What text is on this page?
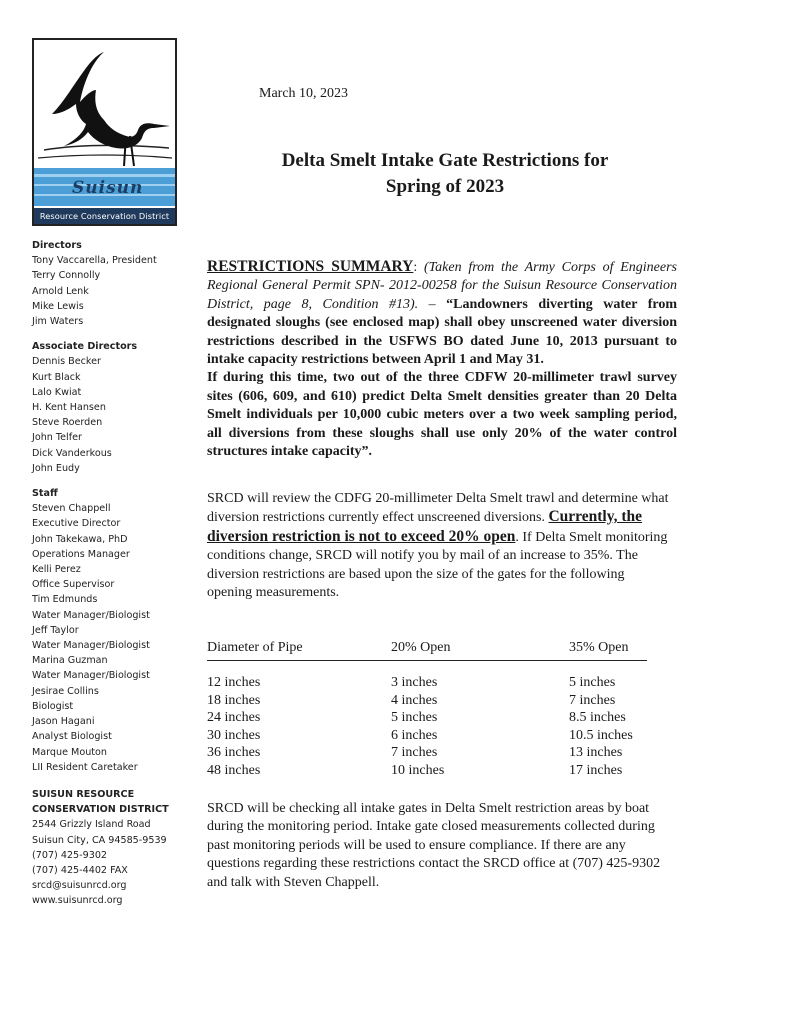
Suisun
Resource Conservation District
Directors
Tony Vaccarella, President
Terry Connolly
Arnold Lenk
Mike Lewis
Jim Waters
Associate Directors
Dennis Becker
Kurt Black
Lalo Kwiat
H. Kent Hansen
Steve Roerden
John Telfer
Dick Vanderkous
John Eudy
Staff
Steven Chappell
Executive Director
John Takekawa, PhD
Operations Manager
Kelli Perez
Office Supervisor
Tim Edmunds
Water Manager/Biologist
Jeff Taylor
Water Manager/Biologist
Marina Guzman
Water Manager/Biologist
Jesirae Collins
Biologist
Jason Hagani
Analyst Biologist
Marque Mouton
LII Resident Caretaker
SUISUN RESOURCE
CONSERVATION DISTRICT
2544 Grizzly Island Road
Suisun City, CA 94585-9539
(707) 425-9302
(707) 425-4402 FAX
srcd@suisunrcd.org
www.suisunrcd.org
March 10, 2023
Delta Smelt Intake Gate Restrictions for
Spring of 2023
RESTRICTIONS SUMMARY: (Taken from the Army Corps of Engineers Regional General Permit SPN- 2012-00258 for the Suisun Resource Conservation District, page 8, Condition #13). – “Landowners diverting water from designated sloughs (see enclosed map) shall obey unscreened water diversion restrictions described in the USFWS BO dated June 10, 2013 pursuant to intake capacity restrictions between April 1 and May 31.
If during this time, two out of the three CDFW 20-millimeter trawl survey sites (606, 609, and 610) predict Delta Smelt densities greater than 20 Delta Smelt individuals per 10,000 cubic meters over a two week sampling period, all diversions from these sloughs shall use only 20% of the water control structures intake capacity”.
SRCD will review the CDFG 20-millimeter Delta Smelt trawl and determine what diversion restrictions currently effect unscreened diversions. Currently, the diversion restriction is not to exceed 20% open. If Delta Smelt monitoring conditions change, SRCD will notify you by mail of an increase to 35%. The diversion restrictions are based upon the size of the gates for the following opening measurements.
Diameter of Pipe	20% Open	35% Open
12 inches	3 inches	5 inches
18 inches	4 inches	7 inches
24 inches	5 inches	8.5 inches
30 inches	6 inches	10.5 inches
36 inches	7 inches	13 inches
48 inches	10 inches	17 inches
SRCD will be checking all intake gates in Delta Smelt restriction areas by boat during the monitoring period. Intake gate closed measurements collected during past monitoring periods will be used to ensure compliance. If there are any questions regarding these restrictions contact the SRCD office at (707) 425-9302 and talk with Steven Chappell.
